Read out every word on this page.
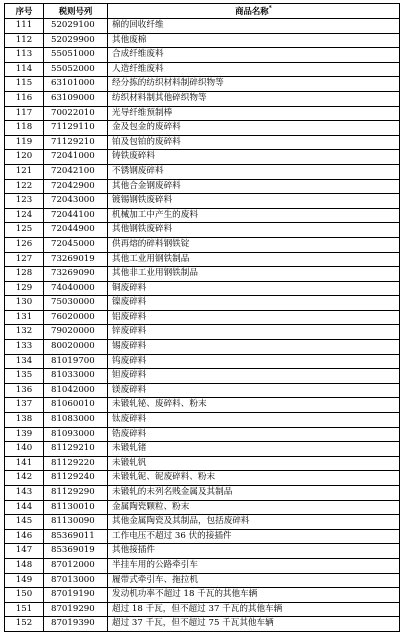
序号	税则号列	商品名称*
111	52029100	棉的回收纤维
112	52029900	其他废棉
113	55051000	合成纤维废料
114	55052000	人造纤维废料
115	63101000	经分拣的纺织材料制碎织物等
116	63109000	纺织材料制其他碎织物等
117	70022010	光导纤维预制棒
118	71129110	金及包金的废碎料
119	71129210	铂及包铂的废碎料
120	72041000	铸铁废碎料
121	72042100	不锈钢废碎料
122	72042900	其他合金钢废碎料
123	72043000	镀锡钢铁废碎料
124	72044100	机械加工中产生的废料
125	72044900	其他钢铁废碎料
126	72045000	供再熔的碎料钢铁锭
127	73269019	其他工业用钢铁制品
128	73269090	其他非工业用钢铁制品
129	74040000	铜废碎料
130	75030000	镍废碎料
131	76020000	铝废碎料
132	79020000	锌废碎料
133	80020000	锡废碎料
134	81019700	钨废碎料
135	81033000	钽废碎料
136	81042000	镁废碎料
137	81060010	未锻轧铋、废碎料、粉末
138	81083000	钛废碎料
139	81093000	锆废碎料
140	81129210	未锻轧锗
141	81129220	未锻轧钒
142	81129240	未锻轧铌、铌废碎料、粉末
143	81129290	未锻轧的未列名贱金属及其制品
144	81130010	金属陶瓷颗粒、粉末
145	81130090	其他金属陶瓷及其制品，包括废碎料
146	85369011	工作电压不超过 36 伏的接插件
147	85369019	其他接插件
148	87012000	半挂车用的公路牵引车
149	87013000	履带式牵引车、拖拉机
150	87019190	发动机功率不超过 18 千瓦的其他车辆
151	87019290	超过 18 千瓦，但不超过 37 千瓦的其他车辆
152	87019390	超过 37 千瓦，但不超过 75 千瓦其他车辆
